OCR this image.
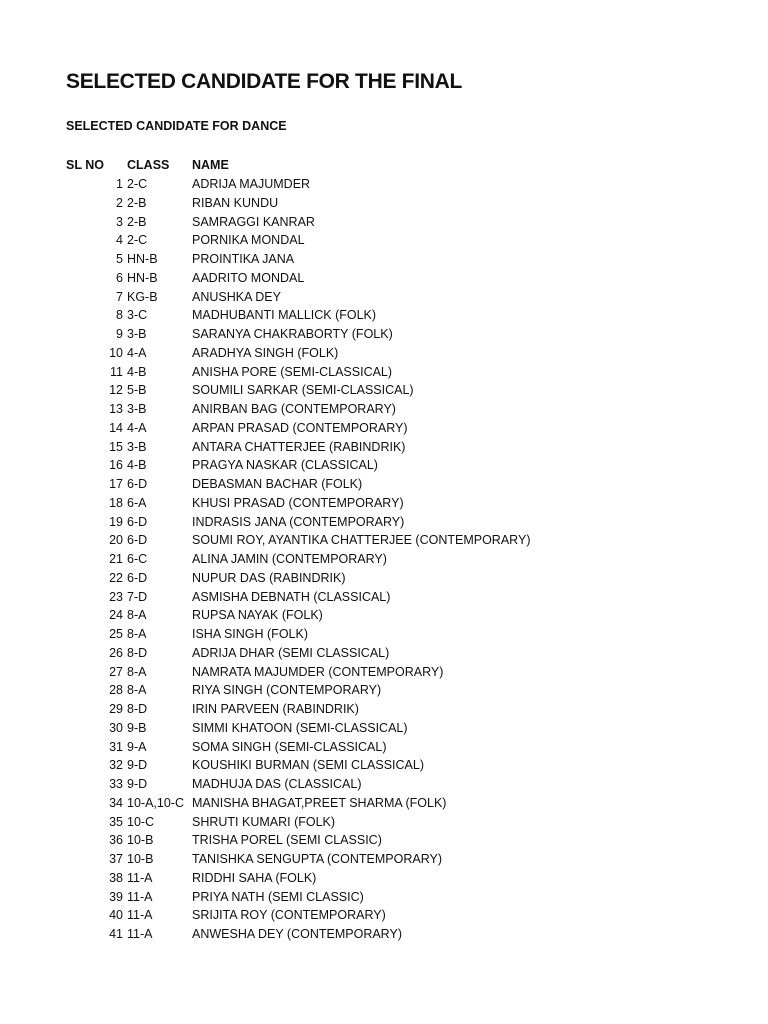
SELECTED CANDIDATE FOR THE FINAL
SELECTED CANDIDATE FOR DANCE
SL NO	CLASS	NAME
1 2-C	ADRIJA MAJUMDER
2 2-B	RIBAN KUNDU
3 2-B	SAMRAGGI KANRAR
4 2-C	PORNIKA MONDAL
5 HN-B	PROINTIKA JANA
6 HN-B	AADRITO MONDAL
7 KG-B	ANUSHKA DEY
8 3-C	MADHUBANTI MALLICK (FOLK)
9 3-B	SARANYA CHAKRABORTY (FOLK)
10 4-A	ARADHYA SINGH (FOLK)
11 4-B	ANISHA PORE (SEMI-CLASSICAL)
12 5-B	SOUMILI SARKAR (SEMI-CLASSICAL)
13 3-B	ANIRBAN BAG (CONTEMPORARY)
14 4-A	ARPAN PRASAD (CONTEMPORARY)
15 3-B	ANTARA CHATTERJEE (RABINDRIK)
16 4-B	PRAGYA NASKAR (CLASSICAL)
17 6-D	DEBASMAN BACHAR (FOLK)
18 6-A	KHUSI PRASAD (CONTEMPORARY)
19 6-D	INDRASIS JANA (CONTEMPORARY)
20 6-D	SOUMI ROY, AYANTIKA CHATTERJEE (CONTEMPORARY)
21 6-C	ALINA JAMIN (CONTEMPORARY)
22 6-D	NUPUR DAS (RABINDRIK)
23 7-D	ASMISHA DEBNATH (CLASSICAL)
24 8-A	RUPSA NAYAK (FOLK)
25 8-A	ISHA SINGH (FOLK)
26 8-D	ADRIJA DHAR (SEMI CLASSICAL)
27 8-A	NAMRATA MAJUMDER (CONTEMPORARY)
28 8-A	RIYA SINGH (CONTEMPORARY)
29 8-D	IRIN PARVEEN (RABINDRIK)
30 9-B	SIMMI KHATOON (SEMI-CLASSICAL)
31 9-A	SOMA SINGH (SEMI-CLASSICAL)
32 9-D	KOUSHIKI BURMAN (SEMI CLASSICAL)
33 9-D	MADHUJA DAS (CLASSICAL)
34 10-A,10-C MANISHA BHAGAT,PREET SHARMA (FOLK)
35 10-C	SHRUTI KUMARI (FOLK)
36 10-B	TRISHA POREL (SEMI CLASSIC)
37 10-B	TANISHKA SENGUPTA (CONTEMPORARY)
38 11-A	RIDDHI SAHA (FOLK)
39 11-A	PRIYA NATH (SEMI CLASSIC)
40 11-A	SRIJITA ROY (CONTEMPORARY)
41 11-A	ANWESHA DEY (CONTEMPORARY)
